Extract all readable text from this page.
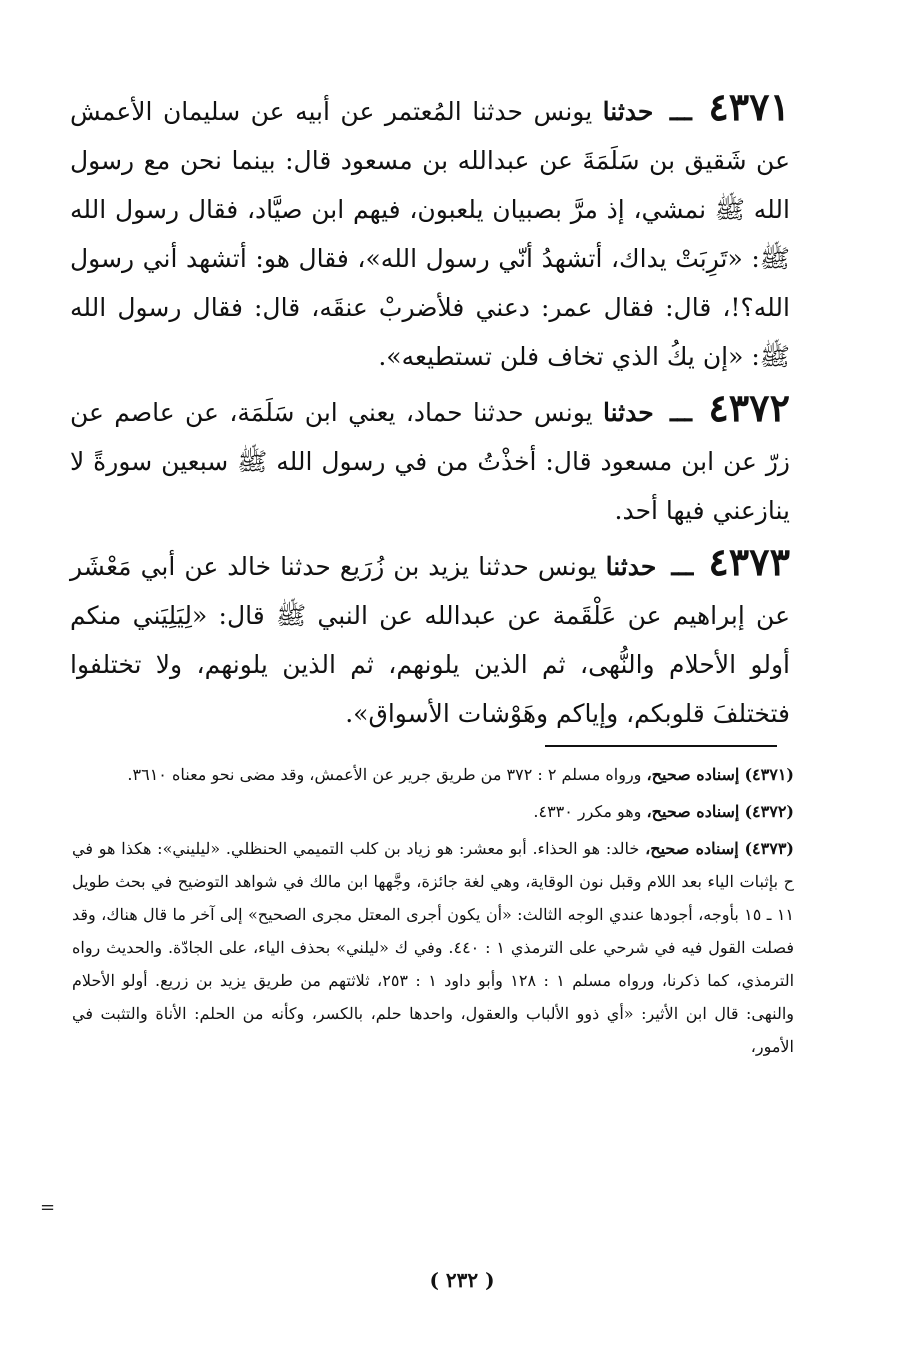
٤٣٧١ ـــ حدثنا يونس حدثنا المُعتمر عن أبيه عن سليمان الأعمش عن شَقيق بن سَلَمَةَ عن عبدالله بن مسعود قال: بينما نحن مع رسول الله ﷺ نمشي، إذ مرَّ بصبيان يلعبون، فيهم ابن صيَّاد، فقال رسول الله ﷺ: «تَرِبَتْ يداك، أتشهدُ أنّي رسول الله»، فقال هو: أتشهد أني رسول الله؟!، قال: فقال عمر: دعني فلأضربْ عنقَه، قال: فقال رسول الله ﷺ: «إن يكُ الذي تخاف فلن تستطيعه».

٤٣٧٢ ـــ حدثنا يونس حدثنا حماد، يعني ابن سَلَمَة، عن عاصم عن زرّ عن ابن مسعود قال: أخذْتُ من في رسول الله ﷺ سبعين سورةً لا ينازعني فيها أحد.

٤٣٧٣ ـــ حدثنا يونس حدثنا يزيد بن زُرَيع حدثنا خالد عن أبي مَعْشَر عن إبراهيم عن عَلْقَمة عن عبدالله عن النبي ﷺ قال: «لِيَلِيَني منكم أولو الأحلام والنُّهى، ثم الذين يلونهم، ثم الذين يلونهم، ولا تختلفوا فتختلفَ قلوبكم، وإياكم وهَوْشات الأسواق».

(٤٣٧١) إسناده صحيح، ورواه مسلم ٢ : ٣٧٢ من طريق جرير عن الأعمش، وقد مضى نحو معناه ٣٦١٠.

(٤٣٧٢) إسناده صحيح، وهو مكرر ٤٣٣٠.

(٤٣٧٣) إسناده صحيح، خالد: هو الحذاء. أبو معشر: هو زياد بن كلب التميمي الحنظلي. «ليليني»: هكذا هو في ح بإثبات الياء بعد اللام وقبل نون الوقاية، وهي لغة جائزة، وجَّهها ابن مالك في شواهد التوضيح في بحث طويل ١١ ـ ١٥ بأوجه، أجودها عندي الوجه الثالث: «أن يكون أجرى المعتل مجرى الصحيح» إلى آخر ما قال هناك، وقد فصلت القول فيه في شرحي على الترمذي ١ : ٤٤٠. وفي ك «ليلني» بحذف الياء، على الجادّة. والحديث رواه الترمذي، كما ذكرنا، ورواه مسلم ١ : ١٢٨ وأبو داود ١ : ٢٥٣، ثلاثتهم من طريق يزيد بن زريع. أولو الأحلام والنهى: قال ابن الأثير: «أي ذوو الألباب والعقول، واحدها حلم، بالكسر، وكأنه من الحلم: الأناة والتثبت في الأمور،

=
( ٢٣٢ )
